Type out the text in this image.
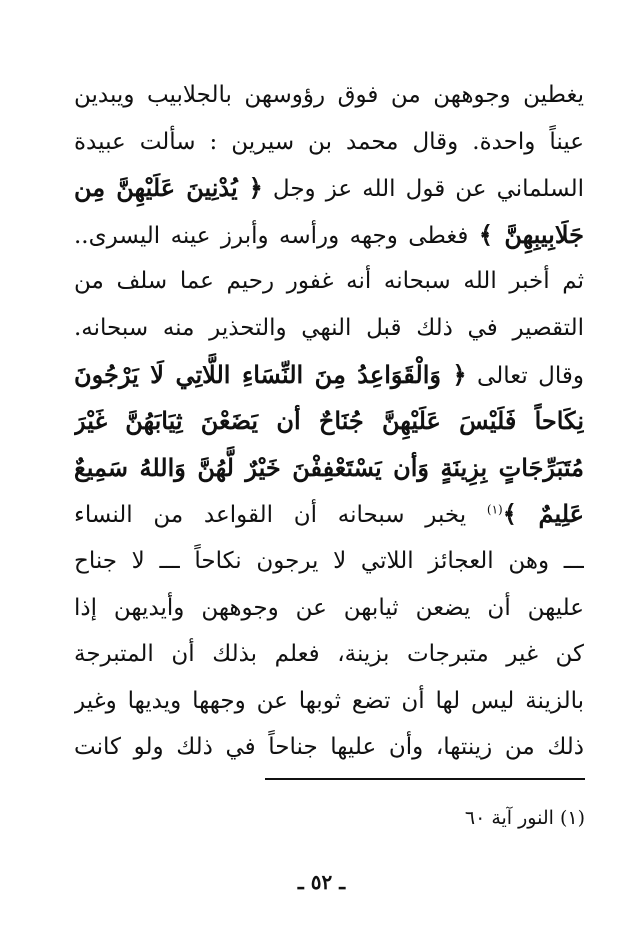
يغطين وجوههن من فوق رؤوسهن بالجلابيب ويبدين
عيناً واحدة. وقال محمد بن سيرين : سألت عبيدة
السلماني عن قول الله عز وجل ﴿ يُدْنِينَ عَلَيْهِنَّ مِن
جَلَابِيبِهِنَّ ﴾ فغطى وجهه ورأسه وأبرز عينه اليسرى..
ثم أخبر الله سبحانه أنه غفور رحيم عما سلف من
التقصير في ذلك قبل النهي والتحذير منه سبحانه.
وقال تعالى ﴿ وَالْقَوَاعِدُ مِنَ النِّسَاءِ اللَّاتِي لَا يَرْجُونَ
نِكَاحاً فَلَيْسَ عَلَيْهِنَّ جُنَاحٌ أن يَضَعْنَ ثِيَابَهُنَّ غَيْرَ
مُتَبَرِّجَاتٍ بِزِينَةٍ وَأن يَسْتَعْفِفْنَ خَيْرٌ لَّهُنَّ وَاللهُ سَمِيعٌ
عَلِيمٌ ﴾$^{(١)}$ يخبر سبحانه أن القواعد من النساء
ـــ وهن العجائز اللاتي لا يرجون نكاحاً ـــ لا جناح
عليهن أن يضعن ثيابهن عن وجوههن وأيديهن إذا
كن غير متبرجات بزينة، فعلم بذلك أن المتبرجة
بالزينة ليس لها أن تضع ثوبها عن وجهها ويديها وغير
ذلك من زينتها، وأن عليها جناحاً في ذلك ولو كانت
(١) النور آية ٦٠
ـ ٥٢ ـ
